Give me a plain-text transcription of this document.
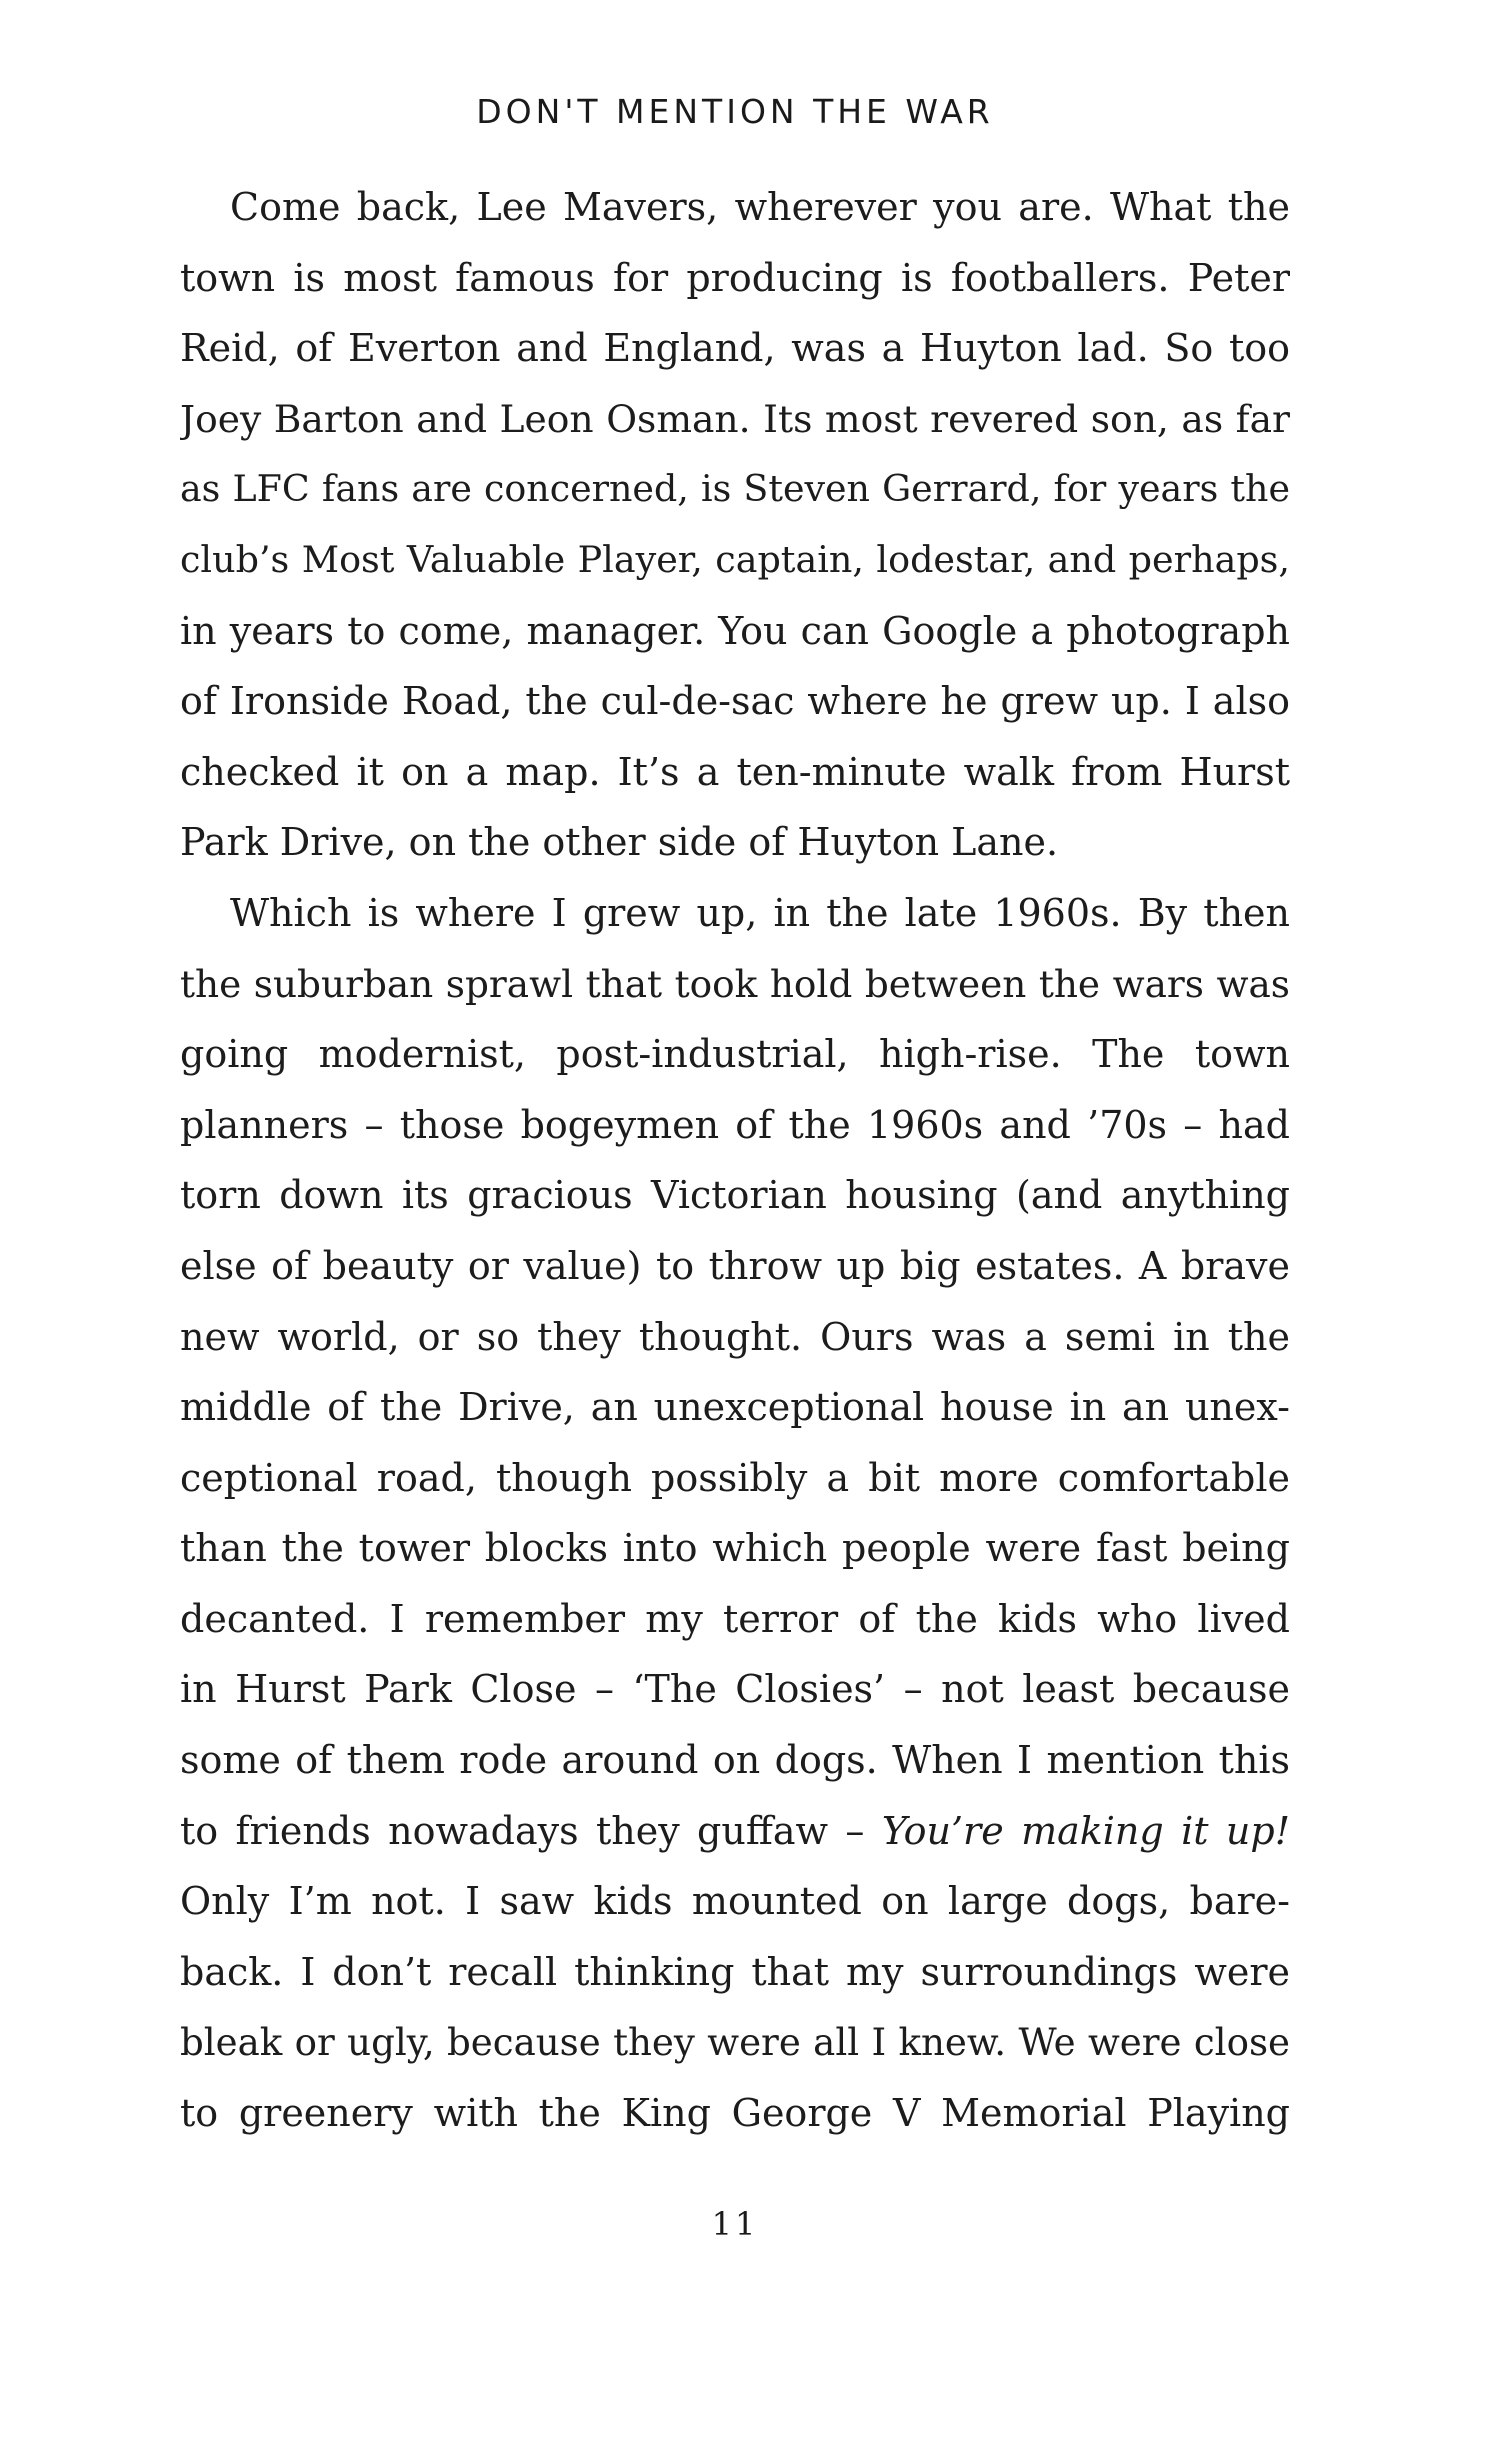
DON'T MENTION THE WAR
Come back, Lee Mavers, wherever you are. What the
town is most famous for producing is footballers. Peter
Reid, of Everton and England, was a Huyton lad. So too
Joey Barton and Leon Osman. Its most revered son, as far
as LFC fans are concerned, is Steven Gerrard, for years the
club’s Most Valuable Player, captain, lodestar, and perhaps,
in years to come, manager. You can Google a photograph
of Ironside Road, the cul-de-sac where he grew up. I also
checked it on a map. It’s a ten-minute walk from Hurst
Park Drive, on the other side of Huyton Lane.
Which is where I grew up, in the late 1960s. By then
the suburban sprawl that took hold between the wars was
going modernist, post-industrial, high-rise. The town
planners – those bogeymen of the 1960s and ’70s – had
torn down its gracious Victorian housing (and anything
else of beauty or value) to throw up big estates. A brave
new world, or so they thought. Ours was a semi in the
middle of the Drive, an unexceptional house in an unex-
ceptional road, though possibly a bit more comfortable
than the tower blocks into which people were fast being
decanted. I remember my terror of the kids who lived
in Hurst Park Close – ‘The Closies’ – not least because
some of them rode around on dogs. When I mention this
to friends nowadays they guffaw – You’re making it up!
Only I’m not. I saw kids mounted on large dogs, bare-
back. I don’t recall thinking that my surroundings were
bleak or ugly, because they were all I knew. We were close
to greenery with the King George V Memorial Playing
11
